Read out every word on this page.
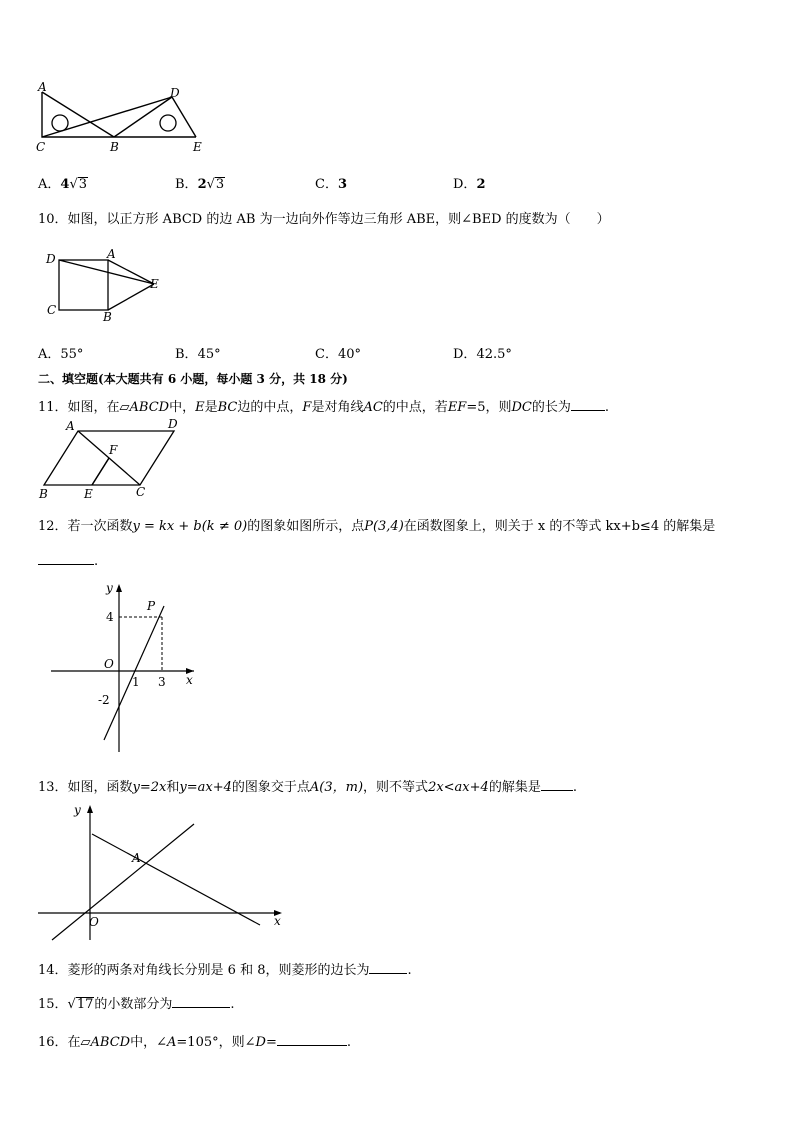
A	D
C	B	E
A．4√3	B．2√3	C．3	D．2
10．如图，以正方形 ABCD 的边 AB 为一边向外作等边三角形 ABE，则∠BED 的度数为（　　）
D	A
E
C	B
A．55°	B．45°	C．40°	D．42.5°
二、填空题(本大题共有 6 小题，每小题 3 分，共 18 分)
11．如图，在▱ABCD中，E是BC边的中点，F是对角线AC的中点，若EF=5，则DC的长为	.
A	D
F
B	E	C
12．若一次函数y = kx + b(k ≠ 0)的图象如图所示，点P(3,4)在函数图象上，则关于 x 的不等式 kx+b≤4 的解集是
.
y
P
4
O
1 3 x
-2
13．如图，函数y=2x和y=ax+4的图象交于点A(3，m)，则不等式2x<ax+4的解集是 .
y
A
O	x
14．菱形的两条对角线长分别是 6 和 8，则菱形的边长为	.
15．√17的小数部分为	.
16．在▱ABCD中，∠A=105°，则∠D=	.
